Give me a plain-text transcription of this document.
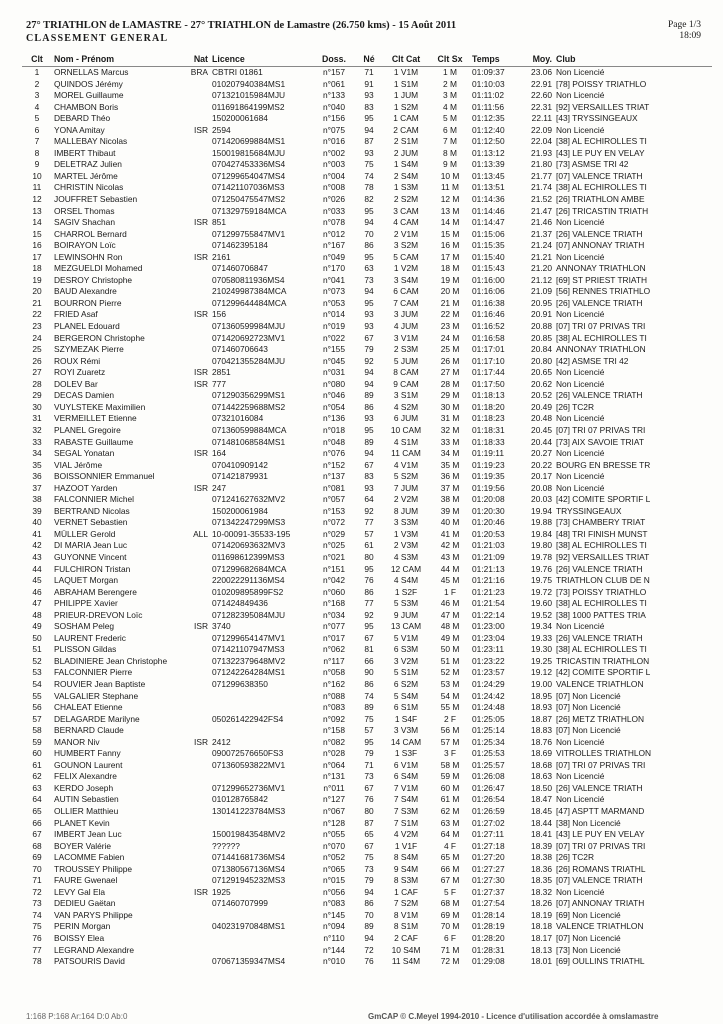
27° TRIATHLON de LAMASTRE - 27° TRIATHLON de Lamastre (26.750 kms) - 15 Août 2011
CLASSEMENT GENERAL
Page 1/3
18:09
Clt	Nom - Prénom	Nat	Licence	Doss.	Né	Clt Cat	Clt Sx	Temps	Moy.	Club
1	ORNELLAS Marcus	BRA	CBTRI 01861	n°157	71	1 V1M	1 M	01:09:37	23.06	Non Licencié
2	QUINDOS Jérémy		010207940384MS1	n°061	91	1 S1M	2 M	01:10:03	22.91	[78] POISSY TRIATHLO
3	MOREL Guillaume		071321015984MJU	n°133	93	1 JUM	3 M	01:11:02	22.60	Non Licencié
4	CHAMBON Boris		011691864199MS2	n°040	83	1 S2M	4 M	01:11:56	22.31	[92] VERSAILLES TRIAT
5	DEBARD Théo		150200061684	n°156	95	1 CAM	5 M	01:12:35	22.11	[43] TRYSSINGEAUX
6	YONA Amitay	ISR	2594	n°075	94	2 CAM	6 M	01:12:40	22.09	Non Licencié
7	MALLEBAY Nicolas		071420699884MS1	n°016	87	2 S1M	7 M	01:12:50	22.04	[38] AL ECHIROLLES TI
8	IMBERT Thibaut		150019815684MJU	n°002	93	2 JUM	8 M	01:13:12	21.93	[43] LE PUY EN VELAY
9	DELETRAZ Julien		070427453336MS4	n°003	75	1 S4M	9 M	01:13:39	21.80	[73] ASMSE TRI 42
10	MARTEL Jérôme		071299654047MS4	n°004	74	2 S4M	10 M	01:13:45	21.77	[07] VALENCE TRIATH
11	CHRISTIN Nicolas		071421107036MS3	n°008	78	1 S3M	11 M	01:13:51	21.74	[38] AL ECHIROLLES TI
12	JOUFFRET Sebastien		071250475547MS2	n°026	82	2 S2M	12 M	01:14:36	21.52	[26] TRIATHLON AMBE
13	ORSEL Thomas		071329759184MCA	n°033	95	3 CAM	13 M	01:14:46	21.47	[26] TRICASTIN TRIATH
14	SAGIV Shachan	ISR	851	n°078	94	4 CAM	14 M	01:14:47	21.46	Non Licencié
15	CHARROL Bernard		071299755847MV1	n°012	70	2 V1M	15 M	01:15:06	21.37	[26] VALENCE TRIATH
16	BOIRAYON Loïc		071462395184	n°167	86	3 S2M	16 M	01:15:35	21.24	[07] ANNONAY TRIATH
17	LEWINSOHN Ron	ISR	2161	n°049	95	5 CAM	17 M	01:15:40	21.21	Non Licencié
18	MEZGUELDI Mohamed		071460706847	n°170	63	1 V2M	18 M	01:15:43	21.20	ANNONAY TRIATHLON
19	DESROY Christophe		070580811936MS4	n°041	73	3 S4M	19 M	01:16:00	21.12	[69] ST PRIEST TRIATH
20	BAUD Alexandre		210249987384MCA	n°073	94	6 CAM	20 M	01:16:06	21.09	[56] RENNES TRIATHLO
21	BOURRON Pierre		071299644484MCA	n°053	95	7 CAM	21 M	01:16:38	20.95	[26] VALENCE TRIATH
22	FRIED Asaf	ISR	156	n°014	93	3 JUM	22 M	01:16:46	20.91	Non Licencié
23	PLANEL Edouard		071360599984MJU	n°019	93	4 JUM	23 M	01:16:52	20.88	[07] TRI 07 PRIVAS TRI
24	BERGERON Christophe		071420692723MV1	n°022	67	3 V1M	24 M	01:16:58	20.85	[38] AL ECHIROLLES TI
25	SZYMEZAK Pierre		071460706643	n°155	79	2 S3M	25 M	01:17:01	20.84	ANNONAY TRIATHLON
26	ROUX Rémi		070421355284MJU	n°045	92	5 JUM	26 M	01:17:10	20.80	[42] ASMSE TRI 42
27	ROYI Zuaretz	ISR	2851	n°031	94	8 CAM	27 M	01:17:44	20.65	Non Licencié
28	DOLEV Bar	ISR	777	n°080	94	9 CAM	28 M	01:17:50	20.62	Non Licencié
29	DECAS Damien		071290356299MS1	n°046	89	3 S1M	29 M	01:18:13	20.52	[26] VALENCE TRIATH
30	VUYLSTEKE Maximilien		071442259688MS2	n°054	86	4 S2M	30 M	01:18:20	20.49	[26] TC2R
31	VERMEILLET Etienne		07321016084	n°136	93	6 JUM	31 M	01:18:23	20.48	Non Licencié
32	PLANEL Gregoire		071360599884MCA	n°018	95	10 CAM	32 M	01:18:31	20.45	[07] TRI 07 PRIVAS TRI
33	RABASTE Guillaume		071481068584MS1	n°048	89	4 S1M	33 M	01:18:33	20.44	[73] AIX SAVOIE TRIAT
34	SEGAL Yonatan	ISR	164	n°076	94	11 CAM	34 M	01:19:11	20.27	Non Licencié
35	VIAL Jérôme		070410909142	n°152	67	4 V1M	35 M	01:19:23	20.22	BOURG EN BRESSE TR
36	BOISSONNIER Emmanuel		071421879931	n°137	83	5 S2M	36 M	01:19:35	20.17	Non Licencié
37	HAZOOT Yarden	ISR	247	n°081	93	7 JUM	37 M	01:19:56	20.08	Non Licencié
38	FALCONNIER Michel		071241627632MV2	n°057	64	2 V2M	38 M	01:20:08	20.03	[42] COMITE SPORTIF L
39	BERTRAND Nicolas		150200061984	n°153	92	8 JUM	39 M	01:20:30	19.94	TRYSSINGEAUX
40	VERNET Sebastien		071342247299MS3	n°072	77	3 S3M	40 M	01:20:46	19.88	[73] CHAMBERY TRIAT
41	MÜLLER Gerold	ALL	10-00091-35533-195	n°029	57	1 V3M	41 M	01:20:53	19.84	[48] TRI FINISH MUNST
42	DI MARIA Jean Luc		071420693632MV3	n°025	61	2 V3M	42 M	01:21:03	19.80	[38] AL ECHIROLLES TI
43	GUYONNE Vincent		011698612399MS3	n°021	80	4 S3M	43 M	01:21:09	19.78	[92] VERSAILLES TRIAT
44	FULCHIRON Tristan		071299682684MCA	n°151	95	12 CAM	44 M	01:21:13	19.76	[26] VALENCE TRIATH
45	LAQUET Morgan		220022291136MS4	n°042	76	4 S4M	45 M	01:21:16	19.75	TRIATHLON CLUB DE N
46	ABRAHAM Berengere		010209895899FS2	n°060	86	1 S2F	1 F	01:21:23	19.72	[73] POISSY TRIATHLO
47	PHILIPPE Xavier		071424849436	n°168	77	5 S3M	46 M	01:21:54	19.60	[38] AL ECHIROLLES TI
48	PRIEUR-DREVON Loïc		071282395084MJU	n°034	92	9 JUM	47 M	01:22:14	19.52	[38] 1000 PATTES TRIA
49	SOSHAM Peleg	ISR	3740	n°077	95	13 CAM	48 M	01:23:00	19.34	Non Licencié
50	LAURENT Frederic		071299654147MV1	n°017	67	5 V1M	49 M	01:23:04	19.33	[26] VALENCE TRIATH
51	PLISSON Gildas		071421107947MS3	n°062	81	6 S3M	50 M	01:23:11	19.30	[38] AL ECHIROLLES TI
52	BLADINIERE Jean Christophe		071322379648MV2	n°117	66	3 V2M	51 M	01:23:22	19.25	TRICASTIN TRIATHLON
53	FALCONNIER Pierre		071242264284MS1	n°058	90	5 S1M	52 M	01:23:57	19.12	[42] COMITE SPORTIF L
54	ROUVIER Jean Baptiste		071299638350	n°162	86	6 S2M	53 M	01:24:29	19.00	VALENCE TRIATHLON
55	VALGALIER Stephane			n°088	74	5 S4M	54 M	01:24:42	18.95	[07] Non Licencié
56	CHALEAT Etienne			n°083	89	6 S1M	55 M	01:24:48	18.93	[07] Non Licencié
57	DELAGARDE Marilyne		050261422942FS4	n°092	75	1 S4F	2 F	01:25:05	18.87	[26] METZ TRIATHLON
58	BERNARD Claude			n°158	57	3 V3M	56 M	01:25:14	18.83	[07] Non Licencié
59	MANOR Niv	ISR	2412	n°082	95	14 CAM	57 M	01:25:34	18.76	Non Licencié
60	HUMBERT Fanny		090072576650FS3	n°028	79	1 S3F	3 F	01:25:53	18.69	VITROLLES TRIATHLON
61	GOUNON Laurent		071360593822MV1	n°064	71	6 V1M	58 M	01:25:57	18.68	[07] TRI 07 PRIVAS TRI
62	FELIX Alexandre			n°131	73	6 S4M	59 M	01:26:08	18.63	Non Licencié
63	KERDO Joseph		071299652736MV1	n°011	67	7 V1M	60 M	01:26:47	18.50	[26] VALENCE TRIATH
64	AUTIN Sebastien		010128765842	n°127	76	7 S4M	61 M	01:26:54	18.47	Non Licencié
65	OLLIER Matthieu		130141223784MS3	n°067	80	7 S3M	62 M	01:26:59	18.45	[47] ASPTT MARMAND
66	PLANET Kevin			n°128	87	7 S1M	63 M	01:27:02	18.44	[38] Non Licencié
67	IMBERT Jean Luc		150019843548MV2	n°055	65	4 V2M	64 M	01:27:11	18.41	[43] LE PUY EN VELAY
68	BOYER Valérie		??????	n°070	67	1 V1F	4 F	01:27:18	18.39	[07] TRI 07 PRIVAS TRI
69	LACOMME Fabien		071441681736MS4	n°052	75	8 S4M	65 M	01:27:20	18.38	[26] TC2R
70	TROUSSEY Philippe		071380567136MS4	n°065	73	9 S4M	66 M	01:27:27	18.36	[26] ROMANS TRIATHL
71	FAURE Gwenael		071291945232MS3	n°015	79	8 S3M	67 M	01:27:30	18.35	[07] VALENCE TRIATH
72	LEVY Gal Ela	ISR	1925	n°056	94	1 CAF	5 F	01:27:37	18.32	Non Licencié
73	DEDIEU Gaëtan		071460707999	n°083	86	7 S2M	68 M	01:27:54	18.26	[07] ANNONAY TRIATH
74	VAN PARYS Philippe			n°145	70	8 V1M	69 M	01:28:14	18.19	[69] Non Licencié
75	PERIN Morgan		040231970848MS1	n°094	89	8 S1M	70 M	01:28:19	18.18	VALENCE TRIATHLON
76	BOISSY Elea			n°110	94	2 CAF	6 F	01:28:20	18.17	[07] Non Licencié
77	LEGRAND Alexandre			n°144	72	10 S4M	71 M	01:28:31	18.13	[73] Non Licencié
78	PATSOURIS David		070671359347MS4	n°010	76	11 S4M	72 M	01:29:08	18.01	[69] OULLINS TRIATHL
1:168 P:168 Ar:164 D:0 Ab:0	GmCAP © C.Meyel 1994-2010 - Licence d'utilisation accordée à omslamastre
